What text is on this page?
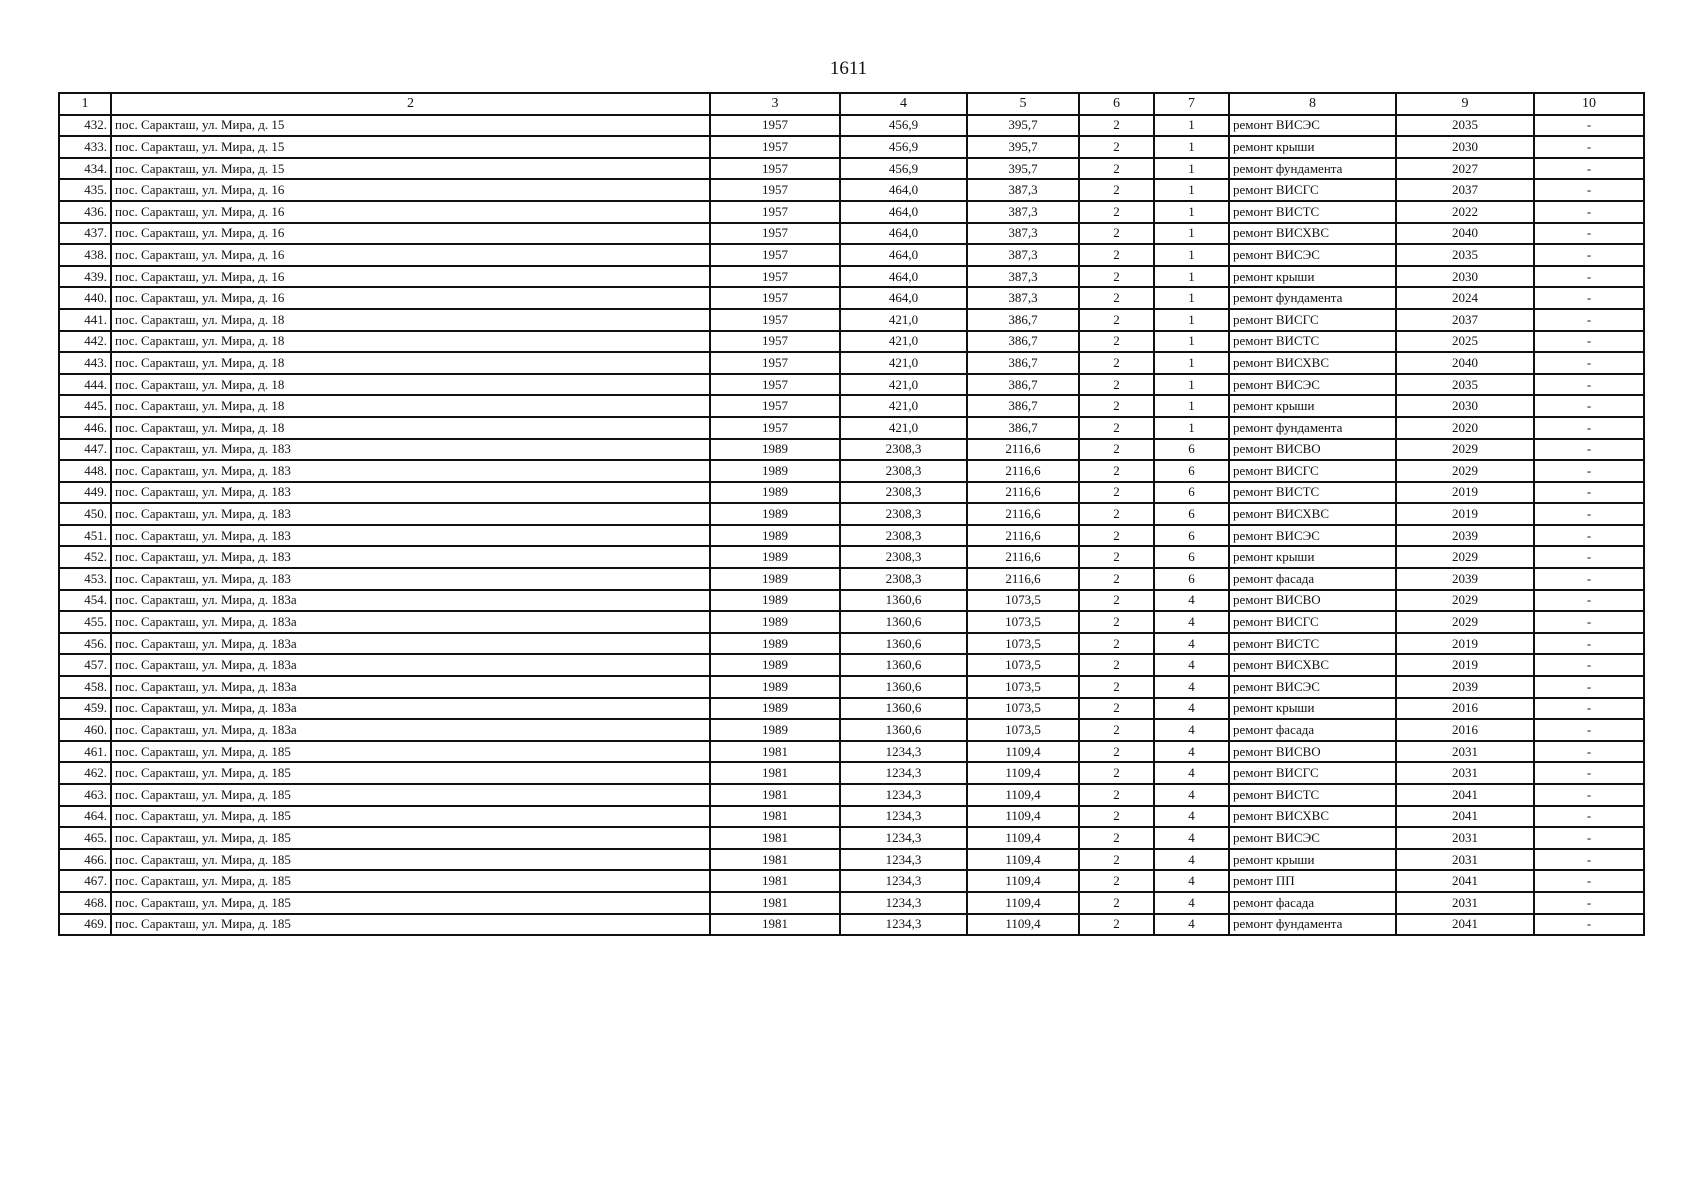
1611
1	2	3	4	5	6	7	8	9	10
432.	пос. Саракташ, ул. Мира, д. 15	1957	456,9	395,7	2	1	ремонт ВИСЭС	2035	-
433.	пос. Саракташ, ул. Мира, д. 15	1957	456,9	395,7	2	1	ремонт крыши	2030	-
434.	пос. Саракташ, ул. Мира, д. 15	1957	456,9	395,7	2	1	ремонт фундамента	2027	-
435.	пос. Саракташ, ул. Мира, д. 16	1957	464,0	387,3	2	1	ремонт ВИСГС	2037	-
436.	пос. Саракташ, ул. Мира, д. 16	1957	464,0	387,3	2	1	ремонт ВИСТС	2022	-
437.	пос. Саракташ, ул. Мира, д. 16	1957	464,0	387,3	2	1	ремонт ВИСХВС	2040	-
438.	пос. Саракташ, ул. Мира, д. 16	1957	464,0	387,3	2	1	ремонт ВИСЭС	2035	-
439.	пос. Саракташ, ул. Мира, д. 16	1957	464,0	387,3	2	1	ремонт крыши	2030	-
440.	пос. Саракташ, ул. Мира, д. 16	1957	464,0	387,3	2	1	ремонт фундамента	2024	-
441.	пос. Саракташ, ул. Мира, д. 18	1957	421,0	386,7	2	1	ремонт ВИСГС	2037	-
442.	пос. Саракташ, ул. Мира, д. 18	1957	421,0	386,7	2	1	ремонт ВИСТС	2025	-
443.	пос. Саракташ, ул. Мира, д. 18	1957	421,0	386,7	2	1	ремонт ВИСХВС	2040	-
444.	пос. Саракташ, ул. Мира, д. 18	1957	421,0	386,7	2	1	ремонт ВИСЭС	2035	-
445.	пос. Саракташ, ул. Мира, д. 18	1957	421,0	386,7	2	1	ремонт крыши	2030	-
446.	пос. Саракташ, ул. Мира, д. 18	1957	421,0	386,7	2	1	ремонт фундамента	2020	-
447.	пос. Саракташ, ул. Мира, д. 183	1989	2308,3	2116,6	2	6	ремонт ВИСВО	2029	-
448.	пос. Саракташ, ул. Мира, д. 183	1989	2308,3	2116,6	2	6	ремонт ВИСГС	2029	-
449.	пос. Саракташ, ул. Мира, д. 183	1989	2308,3	2116,6	2	6	ремонт ВИСТС	2019	-
450.	пос. Саракташ, ул. Мира, д. 183	1989	2308,3	2116,6	2	6	ремонт ВИСХВС	2019	-
451.	пос. Саракташ, ул. Мира, д. 183	1989	2308,3	2116,6	2	6	ремонт ВИСЭС	2039	-
452.	пос. Саракташ, ул. Мира, д. 183	1989	2308,3	2116,6	2	6	ремонт крыши	2029	-
453.	пос. Саракташ, ул. Мира, д. 183	1989	2308,3	2116,6	2	6	ремонт фасада	2039	-
454.	пос. Саракташ, ул. Мира, д. 183а	1989	1360,6	1073,5	2	4	ремонт ВИСВО	2029	-
455.	пос. Саракташ, ул. Мира, д. 183а	1989	1360,6	1073,5	2	4	ремонт ВИСГС	2029	-
456.	пос. Саракташ, ул. Мира, д. 183а	1989	1360,6	1073,5	2	4	ремонт ВИСТС	2019	-
457.	пос. Саракташ, ул. Мира, д. 183а	1989	1360,6	1073,5	2	4	ремонт ВИСХВС	2019	-
458.	пос. Саракташ, ул. Мира, д. 183а	1989	1360,6	1073,5	2	4	ремонт ВИСЭС	2039	-
459.	пос. Саракташ, ул. Мира, д. 183а	1989	1360,6	1073,5	2	4	ремонт крыши	2016	-
460.	пос. Саракташ, ул. Мира, д. 183а	1989	1360,6	1073,5	2	4	ремонт фасада	2016	-
461.	пос. Саракташ, ул. Мира, д. 185	1981	1234,3	1109,4	2	4	ремонт ВИСВО	2031	-
462.	пос. Саракташ, ул. Мира, д. 185	1981	1234,3	1109,4	2	4	ремонт ВИСГС	2031	-
463.	пос. Саракташ, ул. Мира, д. 185	1981	1234,3	1109,4	2	4	ремонт ВИСТС	2041	-
464.	пос. Саракташ, ул. Мира, д. 185	1981	1234,3	1109,4	2	4	ремонт ВИСХВС	2041	-
465.	пос. Саракташ, ул. Мира, д. 185	1981	1234,3	1109,4	2	4	ремонт ВИСЭС	2031	-
466.	пос. Саракташ, ул. Мира, д. 185	1981	1234,3	1109,4	2	4	ремонт крыши	2031	-
467.	пос. Саракташ, ул. Мира, д. 185	1981	1234,3	1109,4	2	4	ремонт ПП	2041	-
468.	пос. Саракташ, ул. Мира, д. 185	1981	1234,3	1109,4	2	4	ремонт фасада	2031	-
469.	пос. Саракташ, ул. Мира, д. 185	1981	1234,3	1109,4	2	4	ремонт фундамента	2041	-
